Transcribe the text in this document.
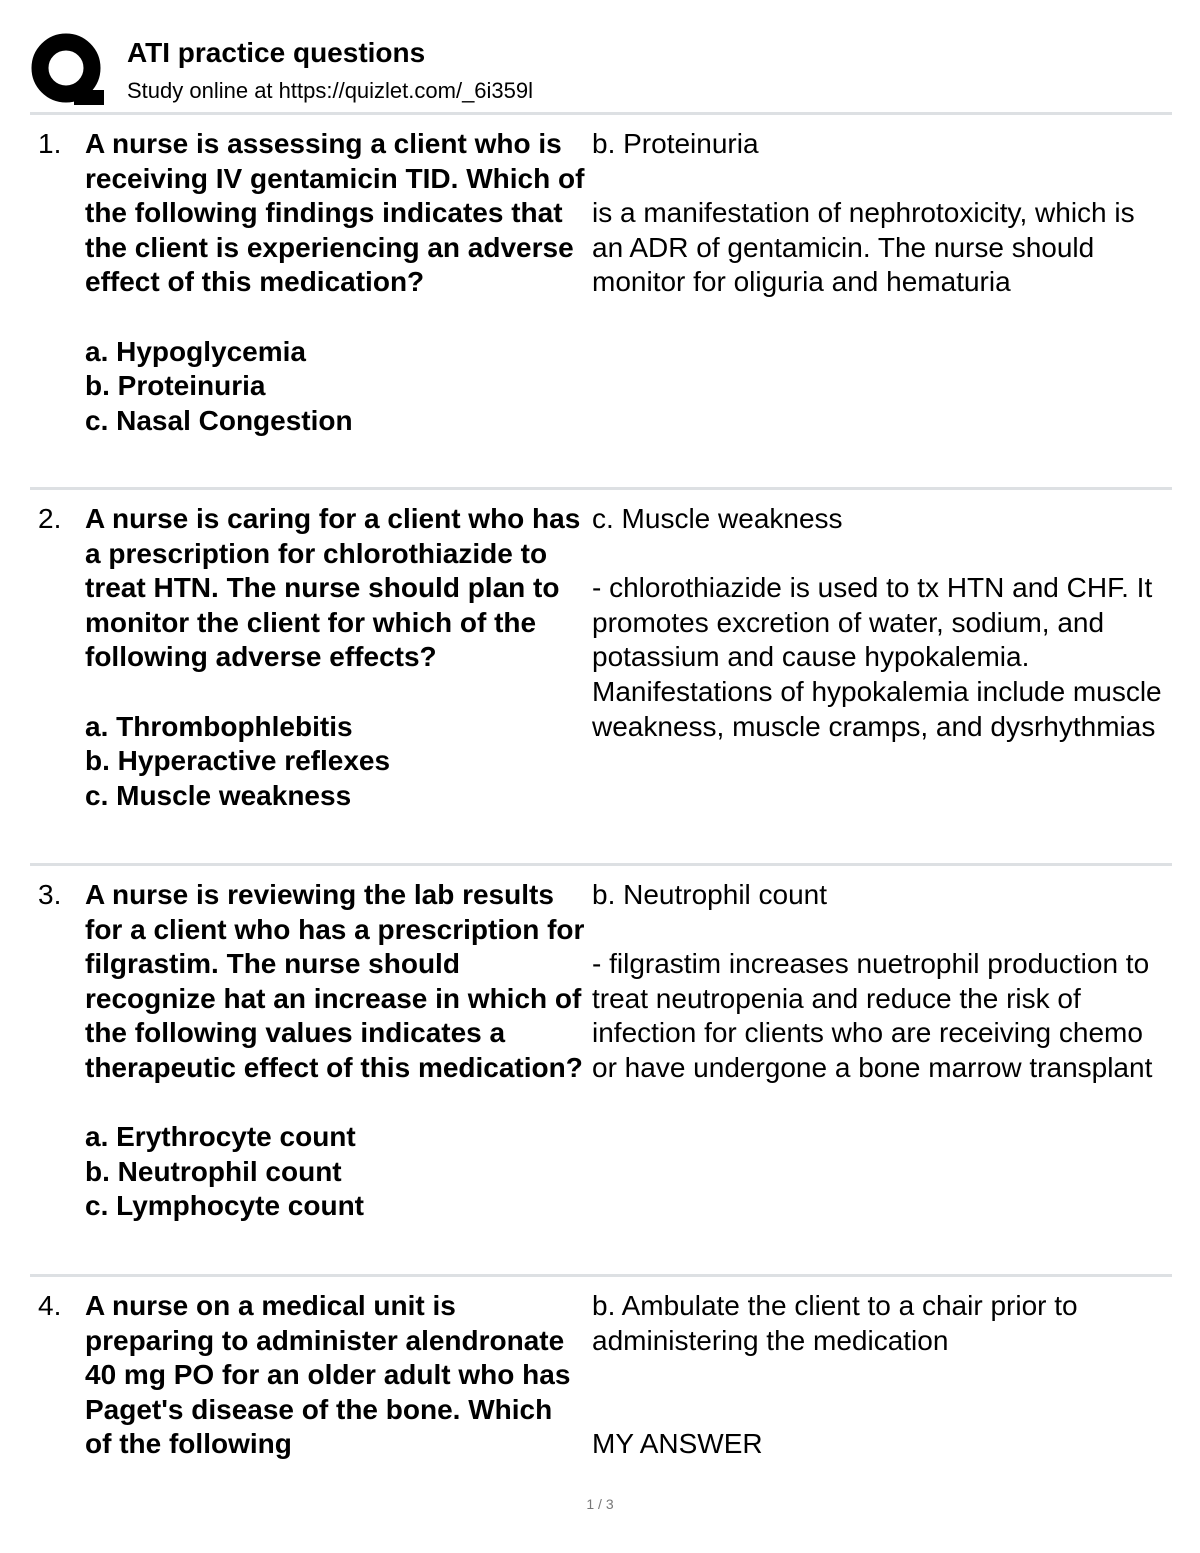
ATI practice questions
Study online at https://quizlet.com/_6i359l
1. A nurse is assessing a client who is receiving IV gentamicin TID. Which of the following findings indicates that the client is experiencing an adverse effect of this medication?

a. Hypoglycemia

b. Proteinuria

c. Nasal Congestion

b. Proteinuria

is a manifestation of nephrotoxicity, which is an ADR of gentamicin. The nurse should monitor for oliguria and hematuria

2. A nurse is caring for a client who has a prescription for chlorothiazide to treat HTN. The nurse should plan to monitor the client for which of the following adverse effects?

a. Thrombophlebitis

b. Hyperactive reflexes

c. Muscle weakness

c. Muscle weakness

- chlorothiazide is used to tx HTN and CHF. It promotes excretion of water, sodium, and potassium and cause hypokalemia. Manifestations of hypokalemia include muscle weakness, muscle cramps, and dysrhythmias

3. A nurse is reviewing the lab results for a client who has a prescription for filgrastim. The nurse should recognize hat an increase in which of the following values indicates a therapeutic effect of this medication?

a. Erythrocyte count

b. Neutrophil count

c. Lymphocyte count

b. Neutrophil count

- filgrastim increases nuetrophil production to treat neutropenia and reduce the risk of infection for clients who are receiving chemo or have undergone a bone marrow transplant

4. A nurse on a medical unit is preparing to administer alendronate 40 mg PO for an older adult who has Paget's disease of the bone. Which of the following

b. Ambulate the client to a chair prior to administering the medication

MY ANSWER

1 / 3
